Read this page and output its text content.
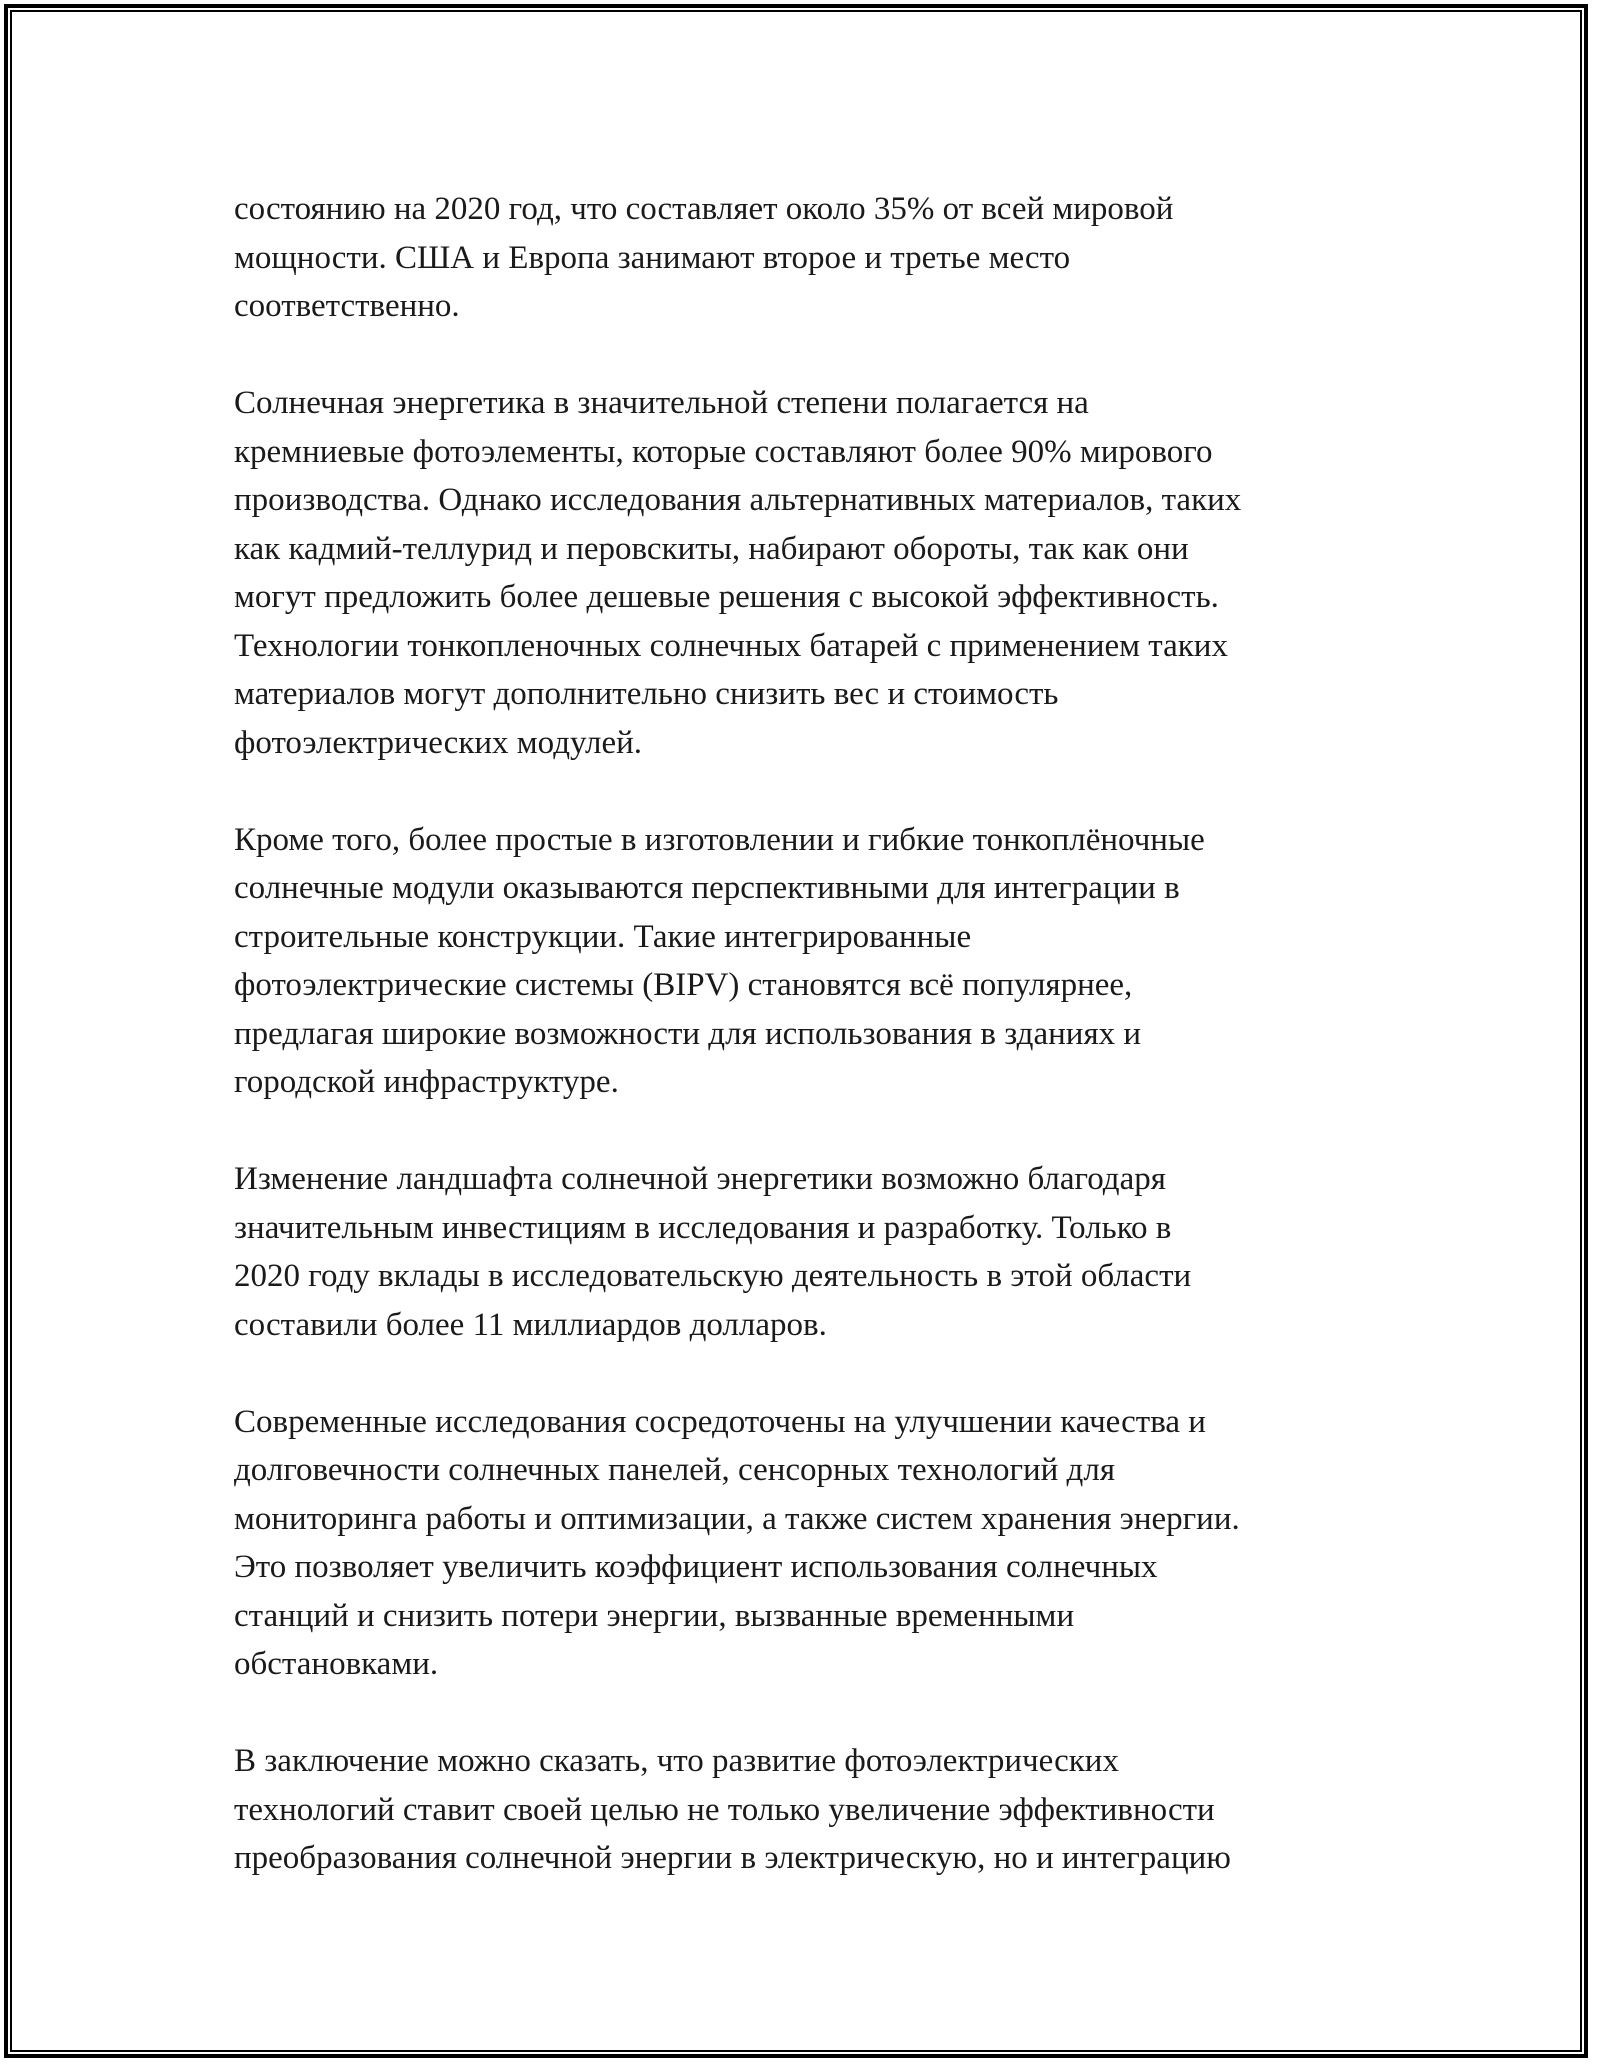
состоянию на 2020 год, что составляет около 35% от всей мировой
мощности. США и Европа занимают второе и третье место
соответственно.

Солнечная энергетика в значительной степени полагается на
кремниевые фотоэлементы, которые составляют более 90% мирового
производства. Однако исследования альтернативных материалов, таких
как кадмий-теллурид и перовскиты, набирают обороты, так как они
могут предложить более дешевые решения с высокой эффективность.
Технологии тонкопленочных солнечных батарей с применением таких
материалов могут дополнительно снизить вес и стоимость
фотоэлектрических модулей.

Кроме того, более простые в изготовлении и гибкие тонкоплёночные
солнечные модули оказываются перспективными для интеграции в
строительные конструкции. Такие интегрированные
фотоэлектрические системы (BIPV) становятся всё популярнее,
предлагая широкие возможности для использования в зданиях и
городской инфраструктуре.

Изменение ландшафта солнечной энергетики возможно благодаря
значительным инвестициям в исследования и разработку. Только в
2020 году вклады в исследовательскую деятельность в этой области
составили более 11 миллиардов долларов.

Современные исследования сосредоточены на улучшении качества и
долговечности солнечных панелей, сенсорных технологий для
мониторинга работы и оптимизации, а также систем хранения энергии.
Это позволяет увеличить коэффициент использования солнечных
станций и снизить потери энергии, вызванные временными
обстановками.

В заключение можно сказать, что развитие фотоэлектрических
технологий ставит своей целью не только увеличение эффективности
преобразования солнечной энергии в электрическую, но и интеграцию
